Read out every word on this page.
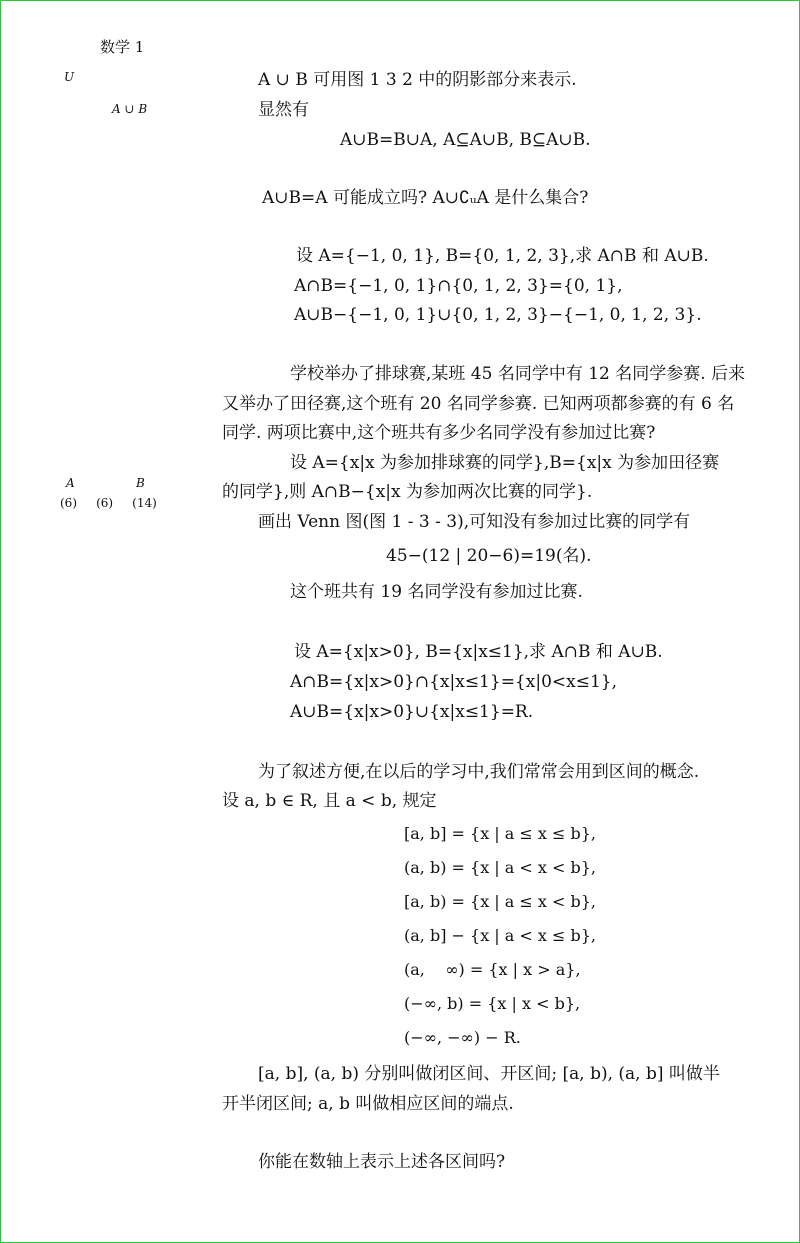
数学 1
U
A ∪ B
A ∪ B 可用图 1 3 2 中的阴影部分来表示.
显然有
A∪B=B∪A, A⊆A∪B, B⊆A∪B.
A∪B=A 可能成立吗? A∪∁ᵤA 是什么集合?
设 A={−1, 0, 1}, B={0, 1, 2, 3},求 A∩B 和 A∪B.
A∩B={−1, 0, 1}∩{0, 1, 2, 3}={0, 1},
A∪B−{−1, 0, 1}∪{0, 1, 2, 3}−{−1, 0, 1, 2, 3}.
学校举办了排球赛,某班 45 名同学中有 12 名同学参赛. 后来
又举办了田径赛,这个班有 20 名同学参赛. 已知两项都参赛的有 6 名
同学. 两项比赛中,这个班共有多少名同学没有参加过比赛?
设 A={x|x 为参加排球赛的同学},B={x|x 为参加田径赛
的同学},则 A∩B−{x|x 为参加两次比赛的同学}.
画出 Venn 图(图 1 - 3 - 3),可知没有参加过比赛的同学有
45−(12 | 20−6)=19(名).
这个班共有 19 名同学没有参加过比赛.
A	B
(6)     (6)     (14)
设 A={x|x>0}, B={x|x≤1},求 A∩B 和 A∪B.
A∩B={x|x>0}∩{x|x≤1}={x|0<x≤1},
A∪B={x|x>0}∪{x|x≤1}=R.
为了叙述方便,在以后的学习中,我们常常会用到区间的概念.
设 a, b ∈ R, 且 a < b, 规定
[a, b] = {x | a ≤ x ≤ b},
(a, b) = {x | a < x < b},
[a, b) = {x | a ≤ x < b},
(a, b] − {x | a < x ≤ b},
(a,    ∞) = {x | x > a},
(−∞, b) = {x | x < b},
(−∞, −∞) − R.
[a, b], (a, b) 分别叫做闭区间、开区间; [a, b), (a, b] 叫做半
开半闭区间; a, b 叫做相应区间的端点.
你能在数轴上表示上述各区间吗?
